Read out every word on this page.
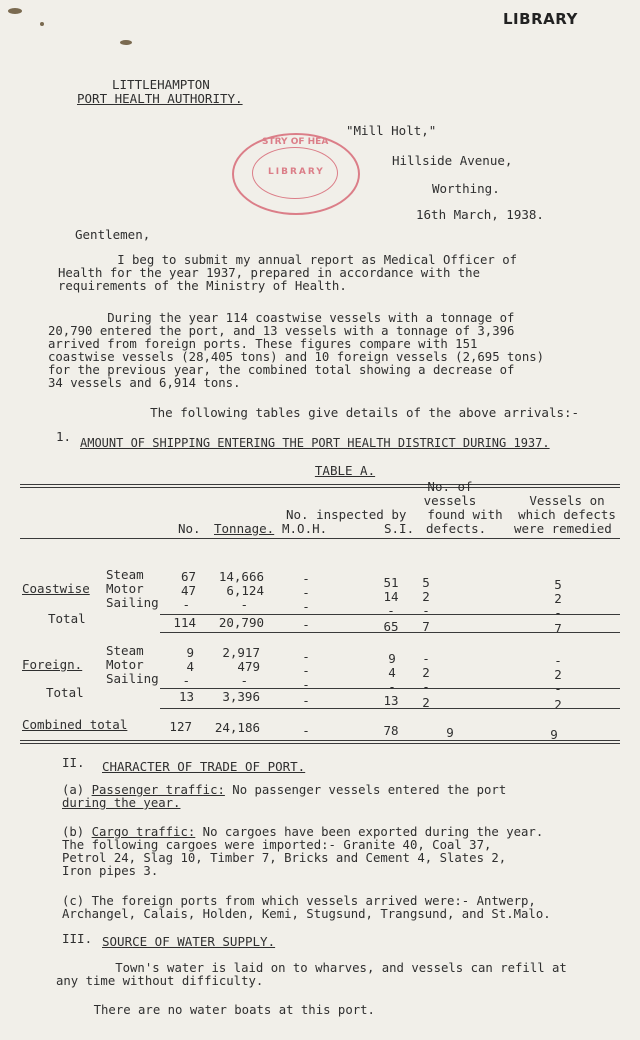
LIBRARY
LITTLEHAMPTON
PORT HEALTH AUTHORITY.
STRY OF HEA
LIBRARY
"Mill Holt,"
Hillside Avenue,
Worthing.
16th March, 1938.
Gentlemen,
I beg to submit my annual report as Medical Officer of
Health for the year 1937, prepared in accordance with the
requirements of the Ministry of Health.
During the year 114 coastwise vessels with a tonnage of
20,790 entered the port, and 13 vessels with a tonnage of 3,396
arrived from foreign ports. These figures compare with 151
coastwise vessels (28,405 tons) and 10 foreign vessels (2,695 tons)
for the previous year, the combined total showing a decrease of
34 vessels and 6,914 tons.
The following tables give details of the above arrivals:-
1. AMOUNT OF SHIPPING ENTERING THE PORT HEALTH DISTRICT DURING 1937.
TABLE A.
No. of
vessels
No. inspected by	found with
Vessels on
which defects
No. Tonnage. M.O.H.	S.I. defects. were remedied
Coastwise
Steam	67	14,666	-	51	5	5
Motor	47	6,124	-	14	2	2
Sailing	-	-	-	-	-	-
Total	114	20,790	-	65	7	7
Foreign.
Steam	9	2,917	-	9	-	-
Motor	4	479	-	4	2	2
Sailing	-	-	-	-	-	-
Total	13	3,396	-	13	2	2
Combined total	127	24,186	-	78	9	9
II. CHARACTER OF TRADE OF PORT.
(a) Passenger traffic: No passenger vessels entered the port
during the year.
(b) Cargo traffic: No cargoes have been exported during the year.
The following cargoes were imported:- Granite 40, Coal 37,
Petrol 24, Slag 10, Timber 7, Bricks and Cement 4, Slates 2,
Iron pipes 3.
(c) The foreign ports from which vessels arrived were:- Antwerp,
Archangel, Calais, Holden, Kemi, Stugsund, Trangsund, and St.Malo.
III. SOURCE OF WATER SUPPLY.
Town's water is laid on to wharves, and vessels can refill at
any time without difficulty.
There are no water boats at this port.
